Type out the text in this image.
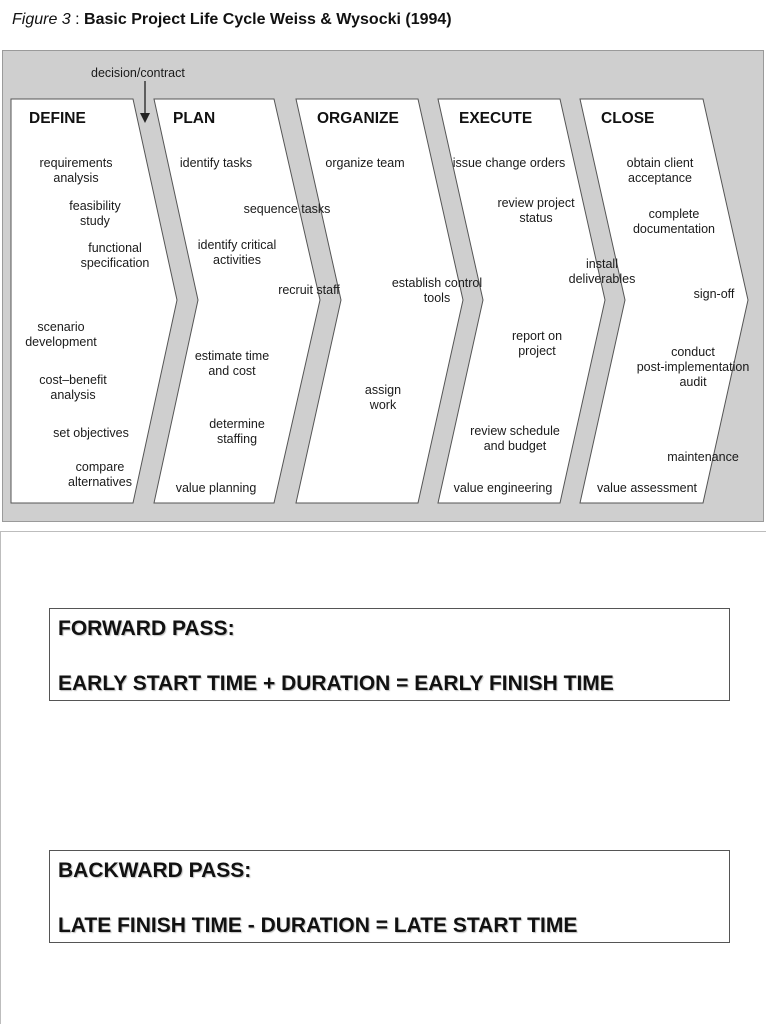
Figure 3 : Basic Project Life Cycle Weiss & Wysocki (1994)
decision/contract
DEFINE	PLAN	ORGANIZE	EXECUTE	CLOSE
requirements
analysis
feasibility
study
functional
specification
scenario
development
cost–benefit
analysis
set objectives
compare
alternatives
identify tasks
sequence tasks
identify critical
activities
recruit staff
estimate time
and cost
determine
staffing
value planning
organize team
establish control
tools
assign
work
issue change orders
review project
status
install
deliverables
report on
project
review schedule
and budget
value engineering
obtain client
acceptance
complete
documentation
sign-off
conduct
post-implementation
audit
maintenance
value assessment
FORWARD PASS:
EARLY START TIME + DURATION = EARLY FINISH TIME
BACKWARD PASS:
LATE FINISH TIME - DURATION = LATE START TIME
